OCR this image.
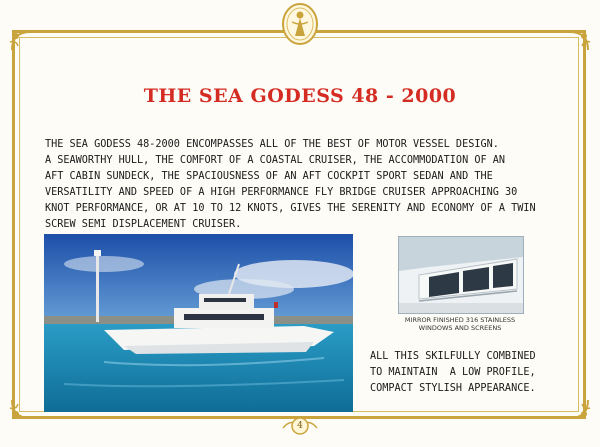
THE SEA GODESS 48 - 2000

THE SEA GODESS 48-2000 ENCOMPASSES ALL OF THE BEST OF MOTOR VESSEL DESIGN.
A SEAWORTHY HULL, THE COMFORT OF A COASTAL CRUISER, THE ACCOMMODATION OF AN
AFT CABIN SUNDECK, THE SPACIOUSNESS OF AN AFT COCKPIT SPORT SEDAN AND THE
VERSATILITY AND SPEED OF A HIGH PERFORMANCE FLY BRIDGE CRUISER APPROACHING 30
KNOT PERFORMANCE, OR AT 10 TO 12 KNOTS, GIVES THE SERENITY AND ECONOMY OF A TWIN
SCREW SEMI DISPLACEMENT CRUISER.

MIRROR FINISHED 316 STAINLESS
WINDOWS AND SCREENS

ALL THIS SKILFULLY COMBINED
TO MAINTAIN  A LOW PROFILE,
COMPACT STYLISH APPEARANCE.

4
